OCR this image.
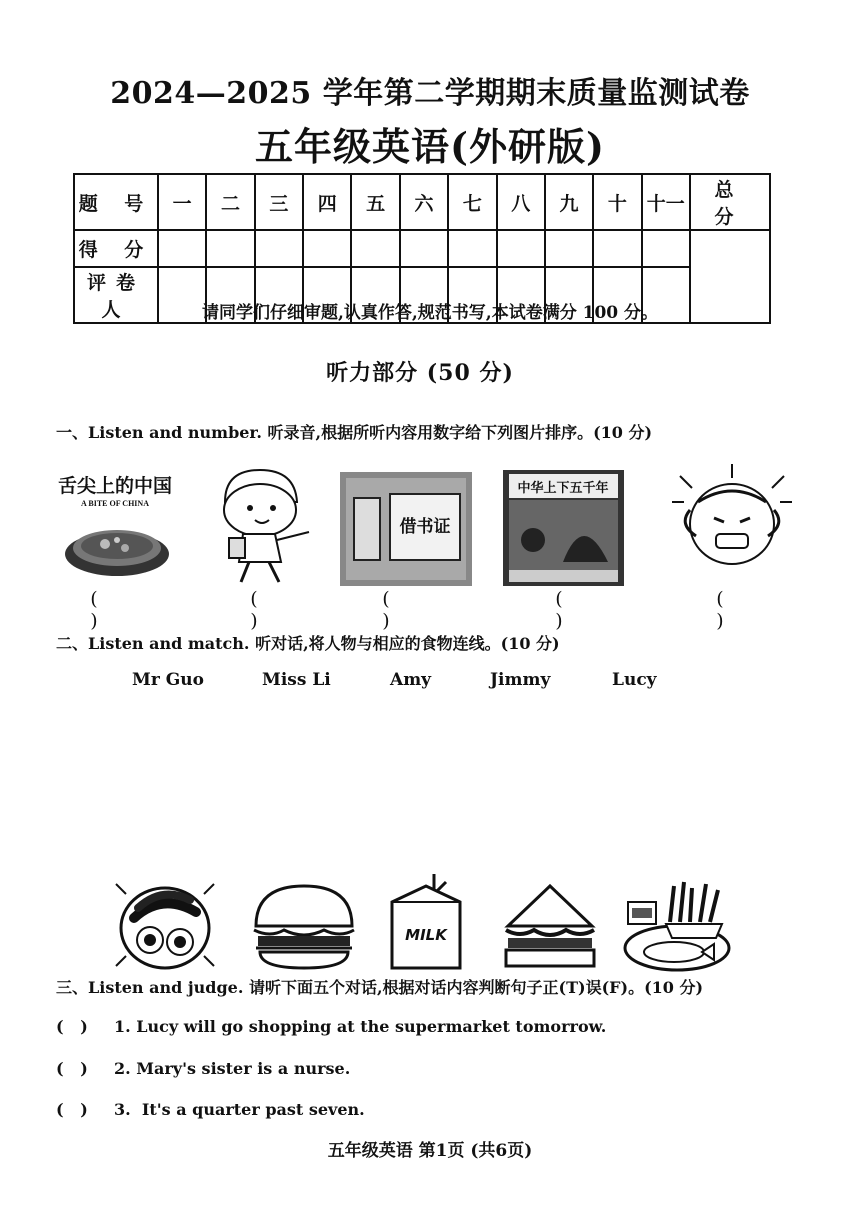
2024—2025 学年第二学期期末质量监测试卷
五年级英语(外研版)
题 号	一	二	三	四	五	六	七	八	九	十	十一	总 分
得 分												
评卷人													请同学们仔细审题,认真作答,规范书写,本试卷满分 100 分。
听力部分 (50 分)
一、Listen and number. 听录音,根据所听内容用数字给下列图片排序。(10 分)
舌尖上的中国
A BITE OF CHINA
借书证
中华上下五千年
( )
( )
( )
( )
( )
二、Listen and match. 听对话,将人物与相应的食物连线。(10 分)
Mr Guo	Miss Li	Amy	Jimmy	Lucy
MILK
三、Listen and judge. 请听下面五个对话,根据对话内容判断句子正(T)误(F)。(10 分)
(   ) 1. Lucy will go shopping at the supermarket tomorrow.
(   ) 2. Mary's sister is a nurse.
(   ) 3.  It's a quarter past seven.
五年级英语 第1页 (共6页)
